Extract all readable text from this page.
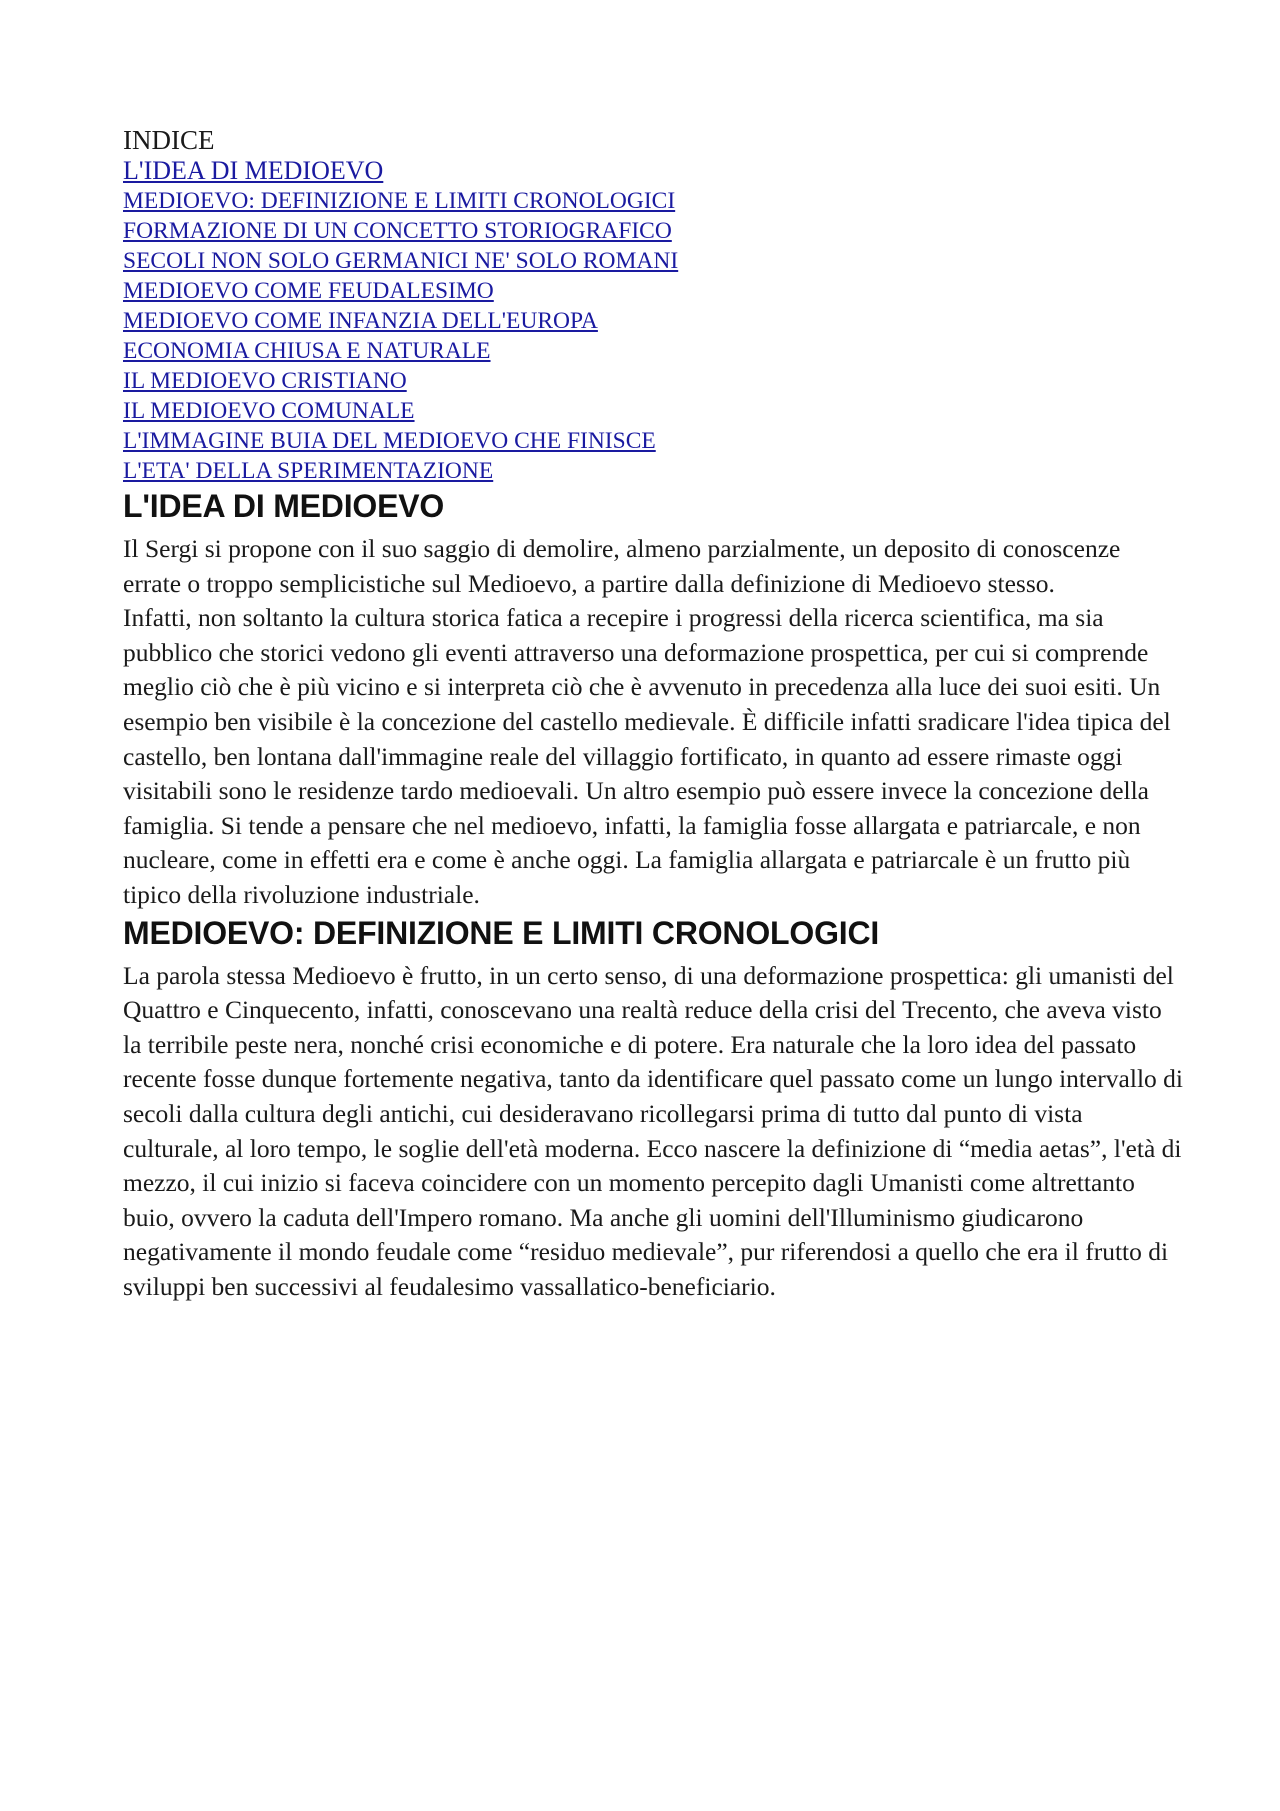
INDICE
L'IDEA DI MEDIOEVO
MEDIOEVO: DEFINIZIONE E LIMITI CRONOLOGICI
FORMAZIONE DI UN CONCETTO STORIOGRAFICO
SECOLI NON SOLO GERMANICI NE' SOLO ROMANI
MEDIOEVO COME FEUDALESIMO
MEDIOEVO COME INFANZIA DELL'EUROPA
ECONOMIA CHIUSA E NATURALE
IL MEDIOEVO CRISTIANO
IL MEDIOEVO COMUNALE
L'IMMAGINE BUIA DEL MEDIOEVO CHE FINISCE
L'ETA' DELLA SPERIMENTAZIONE
L'IDEA DI MEDIOEVO

Il Sergi si propone con il suo saggio di demolire, almeno parzialmente, un deposito di conoscenze errate o troppo semplicistiche sul Medioevo, a partire dalla definizione di Medioevo stesso.

Infatti, non soltanto la cultura storica fatica a recepire i progressi della ricerca scientifica, ma sia pubblico che storici vedono gli eventi attraverso una deformazione prospettica, per cui si comprende meglio ciò che è più vicino e si interpreta ciò che è avvenuto in precedenza alla luce dei suoi esiti. Un esempio ben visibile è la concezione del castello medievale. È difficile infatti sradicare l'idea tipica del castello, ben lontana dall'immagine reale del villaggio fortificato, in quanto ad essere rimaste oggi visitabili sono le residenze tardo medioevali. Un altro esempio può essere invece la concezione della famiglia. Si tende a pensare che nel medioevo, infatti, la famiglia fosse allargata e patriarcale, e non nucleare, come in effetti era e come è anche oggi. La famiglia allargata e patriarcale è un frutto più tipico della rivoluzione industriale.

MEDIOEVO: DEFINIZIONE E LIMITI CRONOLOGICI

La parola stessa Medioevo è frutto, in un certo senso, di una deformazione prospettica: gli umanisti del Quattro e Cinquecento, infatti, conoscevano una realtà reduce della crisi del Trecento, che aveva visto la terribile peste nera, nonché crisi economiche e di potere. Era naturale che la loro idea del passato recente fosse dunque fortemente negativa, tanto da identificare quel passato come un lungo intervallo di secoli dalla cultura degli antichi, cui desideravano ricollegarsi prima di tutto dal punto di vista culturale, al loro tempo, le soglie dell'età moderna. Ecco nascere la definizione di “media aetas”, l'età di mezzo, il cui inizio si faceva coincidere con un momento percepito dagli Umanisti come altrettanto buio, ovvero la caduta dell'Impero romano. Ma anche gli uomini dell'Illuminismo giudicarono negativamente il mondo feudale come “residuo medievale”, pur riferendosi a quello che era il frutto di sviluppi ben successivi al feudalesimo vassallatico-beneficiario.
